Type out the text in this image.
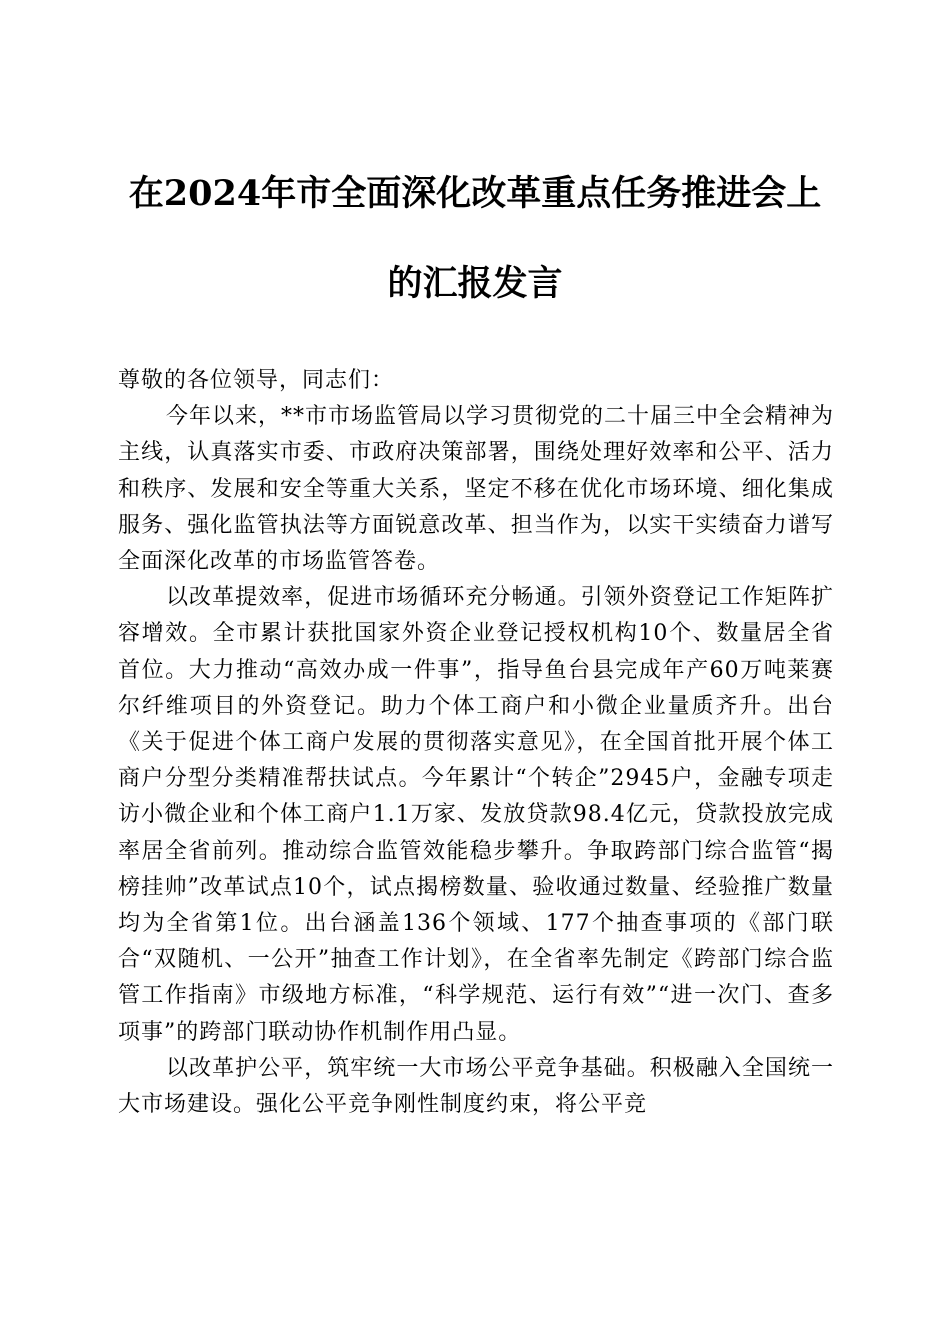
在2024年市全面深化改革重点任务推进会上
的汇报发言

尊敬的各位领导，同志们：

今年以来，**市市场监管局以学习贯彻党的二十届三中全会精神为主线，认真落实市委、市政府决策部署，围绕处理好效率和公平、活力和秩序、发展和安全等重大关系，坚定不移在优化市场环境、细化集成服务、强化监管执法等方面锐意改革、担当作为，以实干实绩奋力谱写全面深化改革的市场监管答卷。

以改革提效率，促进市场循环充分畅通。引领外资登记工作矩阵扩容增效。全市累计获批国家外资企业登记授权机构10个、数量居全省首位。大力推动“高效办成一件事”，指导鱼台县完成年产60万吨莱赛尔纤维项目的外资登记。助力个体工商户和小微企业量质齐升。出台《关于促进个体工商户发展的贯彻落实意见》，在全国首批开展个体工商户分型分类精准帮扶试点。今年累计“个转企”2945户，金融专项走访小微企业和个体工商户1.1万家、发放贷款98.4亿元，贷款投放完成率居全省前列。推动综合监管效能稳步攀升。争取跨部门综合监管“揭榜挂帅”改革试点10个，试点揭榜数量、验收通过数量、经验推广数量均为全省第1位。出台涵盖136个领域、177个抽查事项的《部门联合“双随机、一公开”抽查工作计划》，在全省率先制定《跨部门综合监管工作指南》市级地方标准，“科学规范、运行有效”“进一次门、查多项事”的跨部门联动协作机制作用凸显。

以改革护公平，筑牢统一大市场公平竞争基础。积极融入全国统一大市场建设。强化公平竞争刚性制度约束，将公平竞
